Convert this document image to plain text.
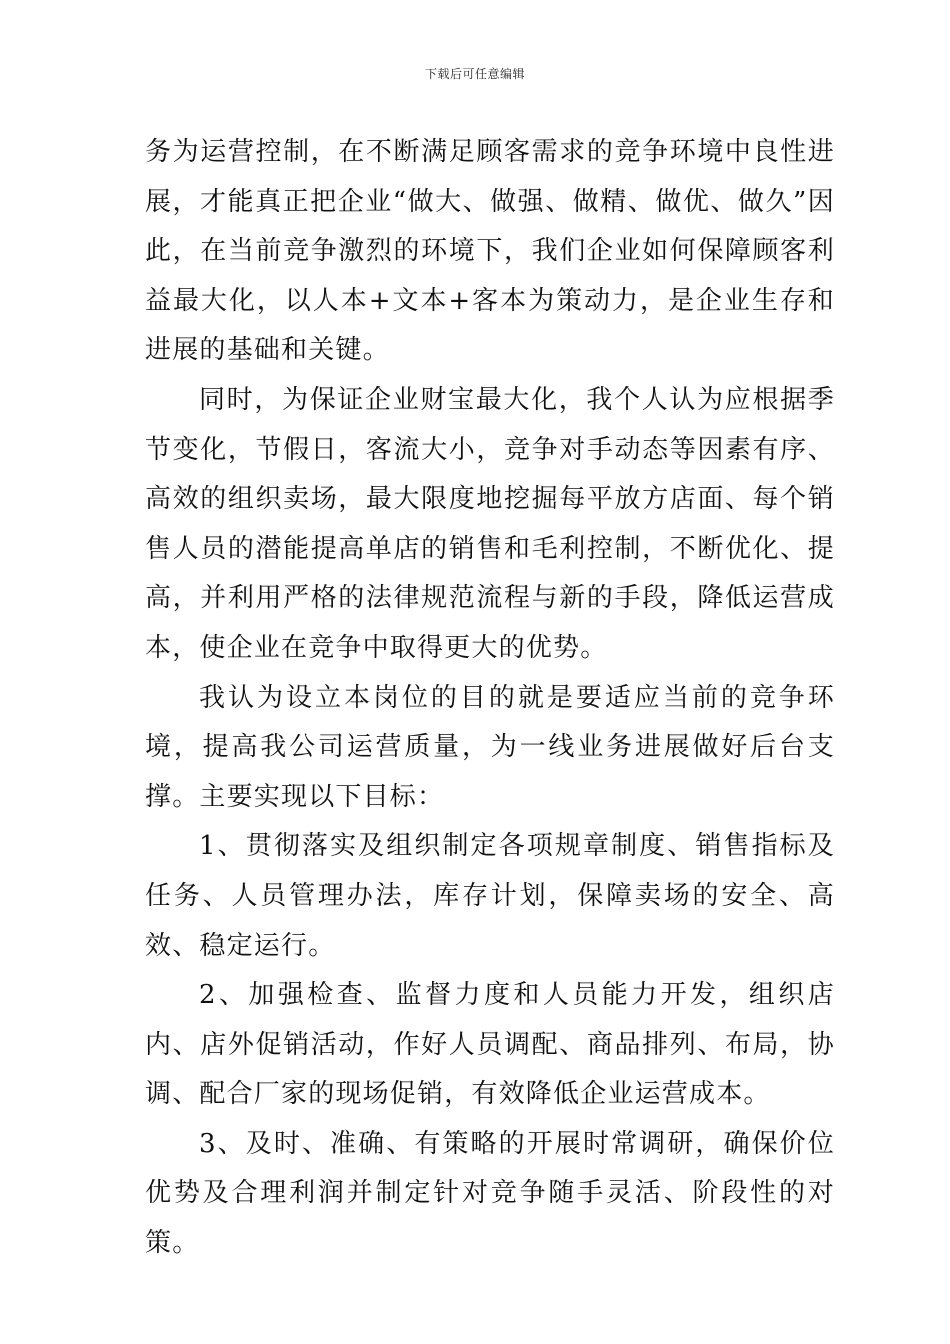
下载后可任意编辑

务为运营控制，在不断满足顾客需求的竞争环境中良性进展，才能真正把企业“做大、做强、做精、做优、做久”因此，在当前竞争激烈的环境下，我们企业如何保障顾客利益最大化，以人本+文本+客本为策动力，是企业生存和进展的基础和关键。

同时，为保证企业财宝最大化，我个人认为应根据季节变化，节假日，客流大小，竞争对手动态等因素有序、高效的组织卖场，最大限度地挖掘每平放方店面、每个销售人员的潜能提高单店的销售和毛利控制，不断优化、提高，并利用严格的法律规范流程与新的手段，降低运营成本，使企业在竞争中取得更大的优势。

我认为设立本岗位的目的就是要适应当前的竞争环境，提高我公司运营质量，为一线业务进展做好后台支撑。主要实现以下目标：

1、贯彻落实及组织制定各项规章制度、销售指标及任务、人员管理办法，库存计划，保障卖场的安全、高效、稳定运行。

2、加强检查、监督力度和人员能力开发，组织店内、店外促销活动，作好人员调配、商品排列、布局，协调、配合厂家的现场促销，有效降低企业运营成本。

3、及时、准确、有策略的开展时常调研，确保价位优势及合理利润并制定针对竞争随手灵活、阶段性的对策。
